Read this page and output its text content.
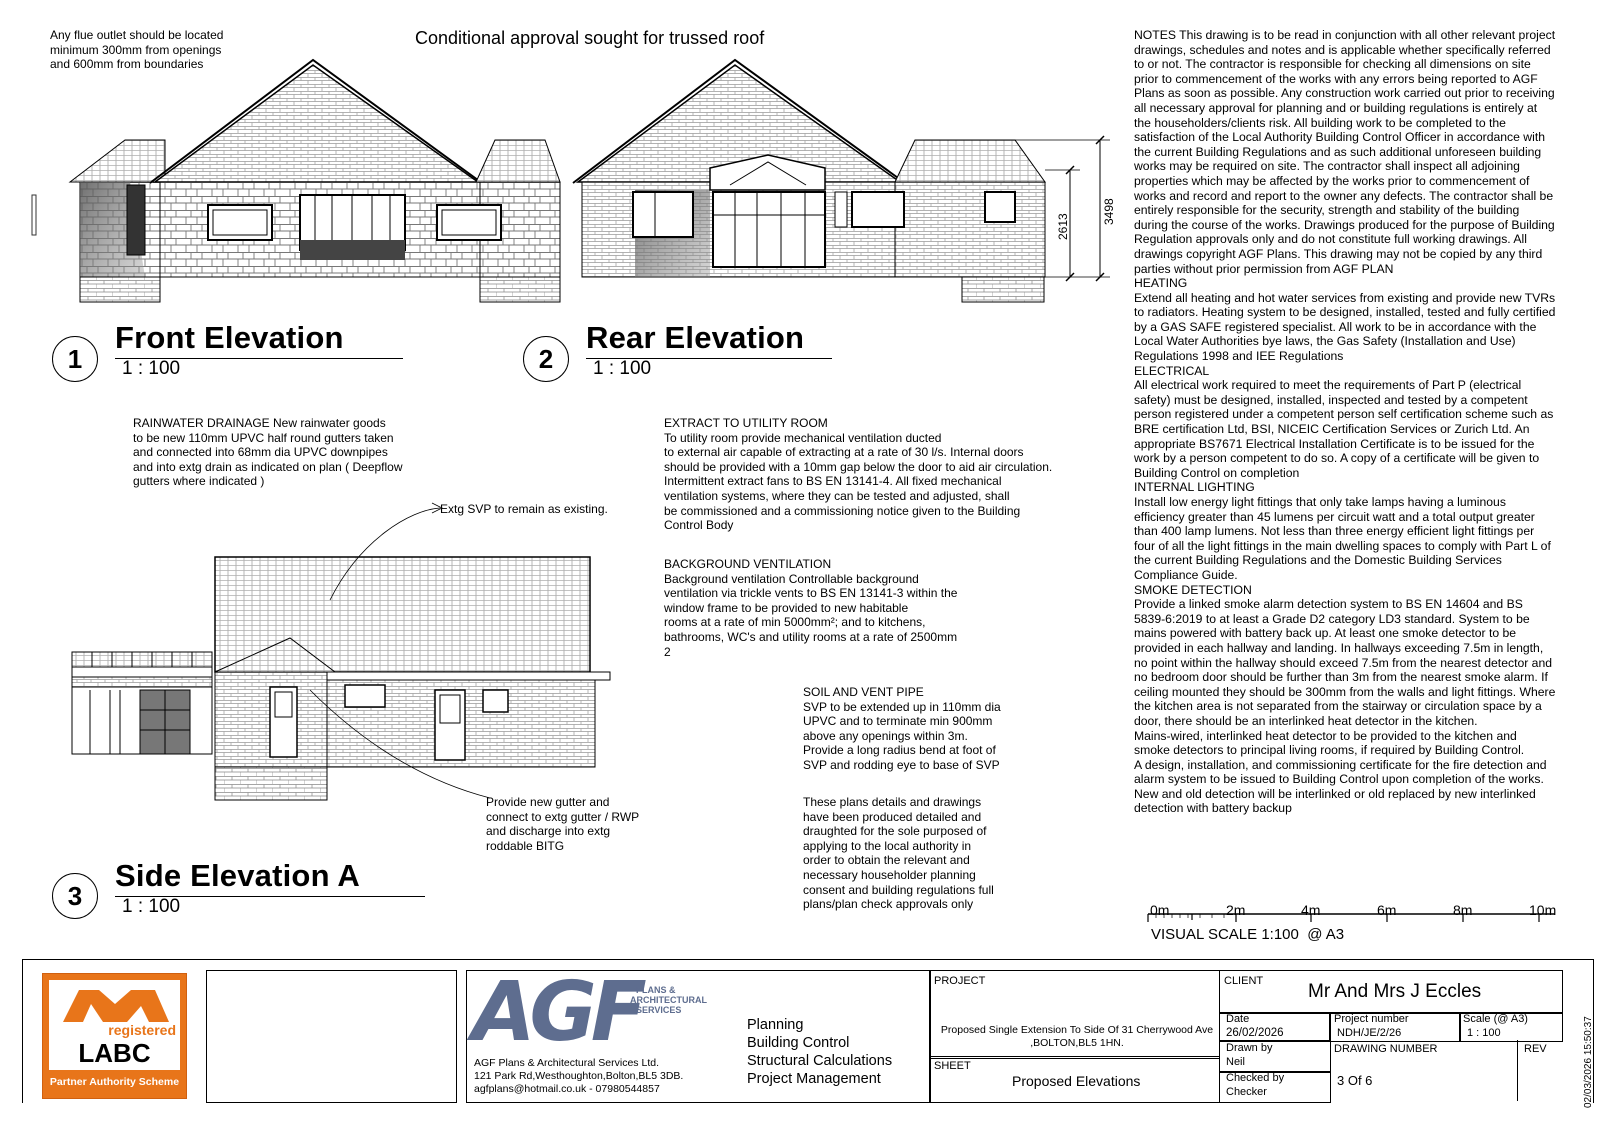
2613
3498
Any flue outlet should be located
minimum 300mm from openings
and 600mm from boundaries
Conditional approval sought for trussed roof
1
Front Elevation
1 : 100	2
Rear Elevation
1 : 100
3
Side Elevation A
1 : 100
RAINWATER DRAINAGE New rainwater goods
to be new 110mm UPVC half round gutters taken
and connected into 68mm dia UPVC downpipes
and into extg drain as indicated on plan ( Deepflow
gutters where indicated )
Extg SVP to remain as existing.
Provide new gutter and
connect to extg gutter / RWP
and discharge into extg
roddable BITG
EXTRACT TO UTILITY ROOM
To utility room provide mechanical ventilation ducted
to external air capable of extracting at a rate of 30 l/s. Internal doors
should be provided with a 10mm gap below the door to aid air circulation.
Intermittent extract fans to BS EN 13141-4. All fixed mechanical
ventilation systems, where they can be tested and adjusted, shall
be commissioned and a commissioning notice given to the Building
Control Body
BACKGROUND VENTILATION
Background ventilation Controllable background
ventilation via trickle vents to BS EN 13141-3 within the
window frame to be provided to new habitable
rooms at a rate of min 5000mm²; and to kitchens,
bathrooms, WC's and utility rooms at a rate of 2500mm
2
SOIL AND VENT PIPE
SVP to be extended up in 110mm dia
UPVC and to terminate min 900mm
above any openings within 3m.
Provide a long radius bend at foot of
SVP and rodding eye to base of SVP
These plans details and drawings
have been produced detailed and
draughted for the sole purposed of
applying to the local authority in
order to obtain the relevant and
necessary householder planning
consent and building regulations full
plans/plan check approvals only
NOTES This drawing is to be read in conjunction with all other relevant project drawings, schedules and notes and is applicable whether specifically referred to or not. The contractor is responsible for checking all dimensions on site prior to commencement of the works with any errors being reported to AGF Plans as soon as possible. Any construction work carried out prior to receiving all necessary approval for planning and or building regulations is entirely at the householders/clients risk. All building work to be completed to the satisfaction of the Local Authority Building Control Officer in accordance with the current Building Regulations and as such additional unforeseen building works may be required on site. The contractor shall inspect all adjoining properties which may be affected by the works prior to commencement of works and record and report to the owner any defects. The contractor shall be entirely responsible for the security, strength and stability of the building during the course of the works. Drawings produced for the purpose of Building Regulation approvals only and do not constitute full working drawings. All drawings copyright AGF Plans. This drawing may not be copied by any third parties without prior permission from AGF PLAN
HEATING
Extend all heating and hot water services from existing and provide new TVRs to radiators. Heating system to be designed, installed, tested and fully certified by a GAS SAFE registered specialist. All work to be in accordance with the Local Water Authorities bye laws, the Gas Safety (Installation and Use) Regulations 1998 and IEE Regulations
ELECTRICAL
All electrical work required to meet the requirements of Part P (electrical safety) must be designed, installed, inspected and tested by a competent person registered under a competent person self certification scheme such as BRE certification Ltd, BSI, NICEIC Certification Services or Zurich Ltd. An appropriate BS7671 Electrical Installation Certificate is to be issued for the work by a person competent to do so. A copy of a certificate will be given to Building Control on completion
INTERNAL LIGHTING
Install low energy light fittings that only take lamps having a luminous efficiency greater than 45 lumens per circuit watt and a total output greater than 400 lamp lumens. Not less than three energy efficient light fittings per four of all the light fittings in the main dwelling spaces to comply with Part L of the current Building Regulations and the Domestic Building Services Compliance Guide.
SMOKE DETECTION
Provide a linked smoke alarm detection system to BS EN 14604 and BS 5839-6:2019 to at least a Grade D2 category LD3 standard. System to be mains powered with battery back up. At least one smoke detector to be provided in each hallway and landing. In hallways exceeding 7.5m in length, no point within the hallway should exceed 7.5m from the nearest detector and no bedroom door should be further than 3m from the nearest smoke alarm. If ceiling mounted they should be 300mm from the walls and light fittings. Where the kitchen area is not separated from the stairway or circulation space by a door, there should be an interlinked heat detector in the kitchen.
Mains-wired, interlinked heat detector to be provided to the kitchen and smoke detectors to principal living rooms, if required by Building Control.
A design, installation, and commissioning certificate for the fire detection and alarm system to be issued to Building Control upon completion of the works.
New and old detection will be interlinked or old replaced by new interlinked detection with battery backup
0m	2m	4m	6m	8m	10m
VISUAL SCALE 1:100  @ A3
registered
LABC
Partner Authority Scheme
AGF
PLANS &
ARCHITECTURAL
SERVICES
AGF Plans & Architectural Services Ltd.
121 Park Rd,Westhoughton,Bolton,BL5 3DB.
agfplans@hotmail.co.uk - 07980544857
Planning
Building Control
Structural Calculations
Project Management
PROJECT
Proposed Single Extension To Side Of 31 Cherrywood Ave ,BOLTON,BL5 1HN.
SHEET
Proposed Elevations
CLIENT Mr And Mrs J Eccles
Date
26/02/2026
Project number
NDH/JE/2/26
Scale (@ A3)
1 : 100
Drawn by
Neil
DRAWING NUMBER	REV
Checked by
Checker
3 Of 6	02/03/2026 15:50:37
